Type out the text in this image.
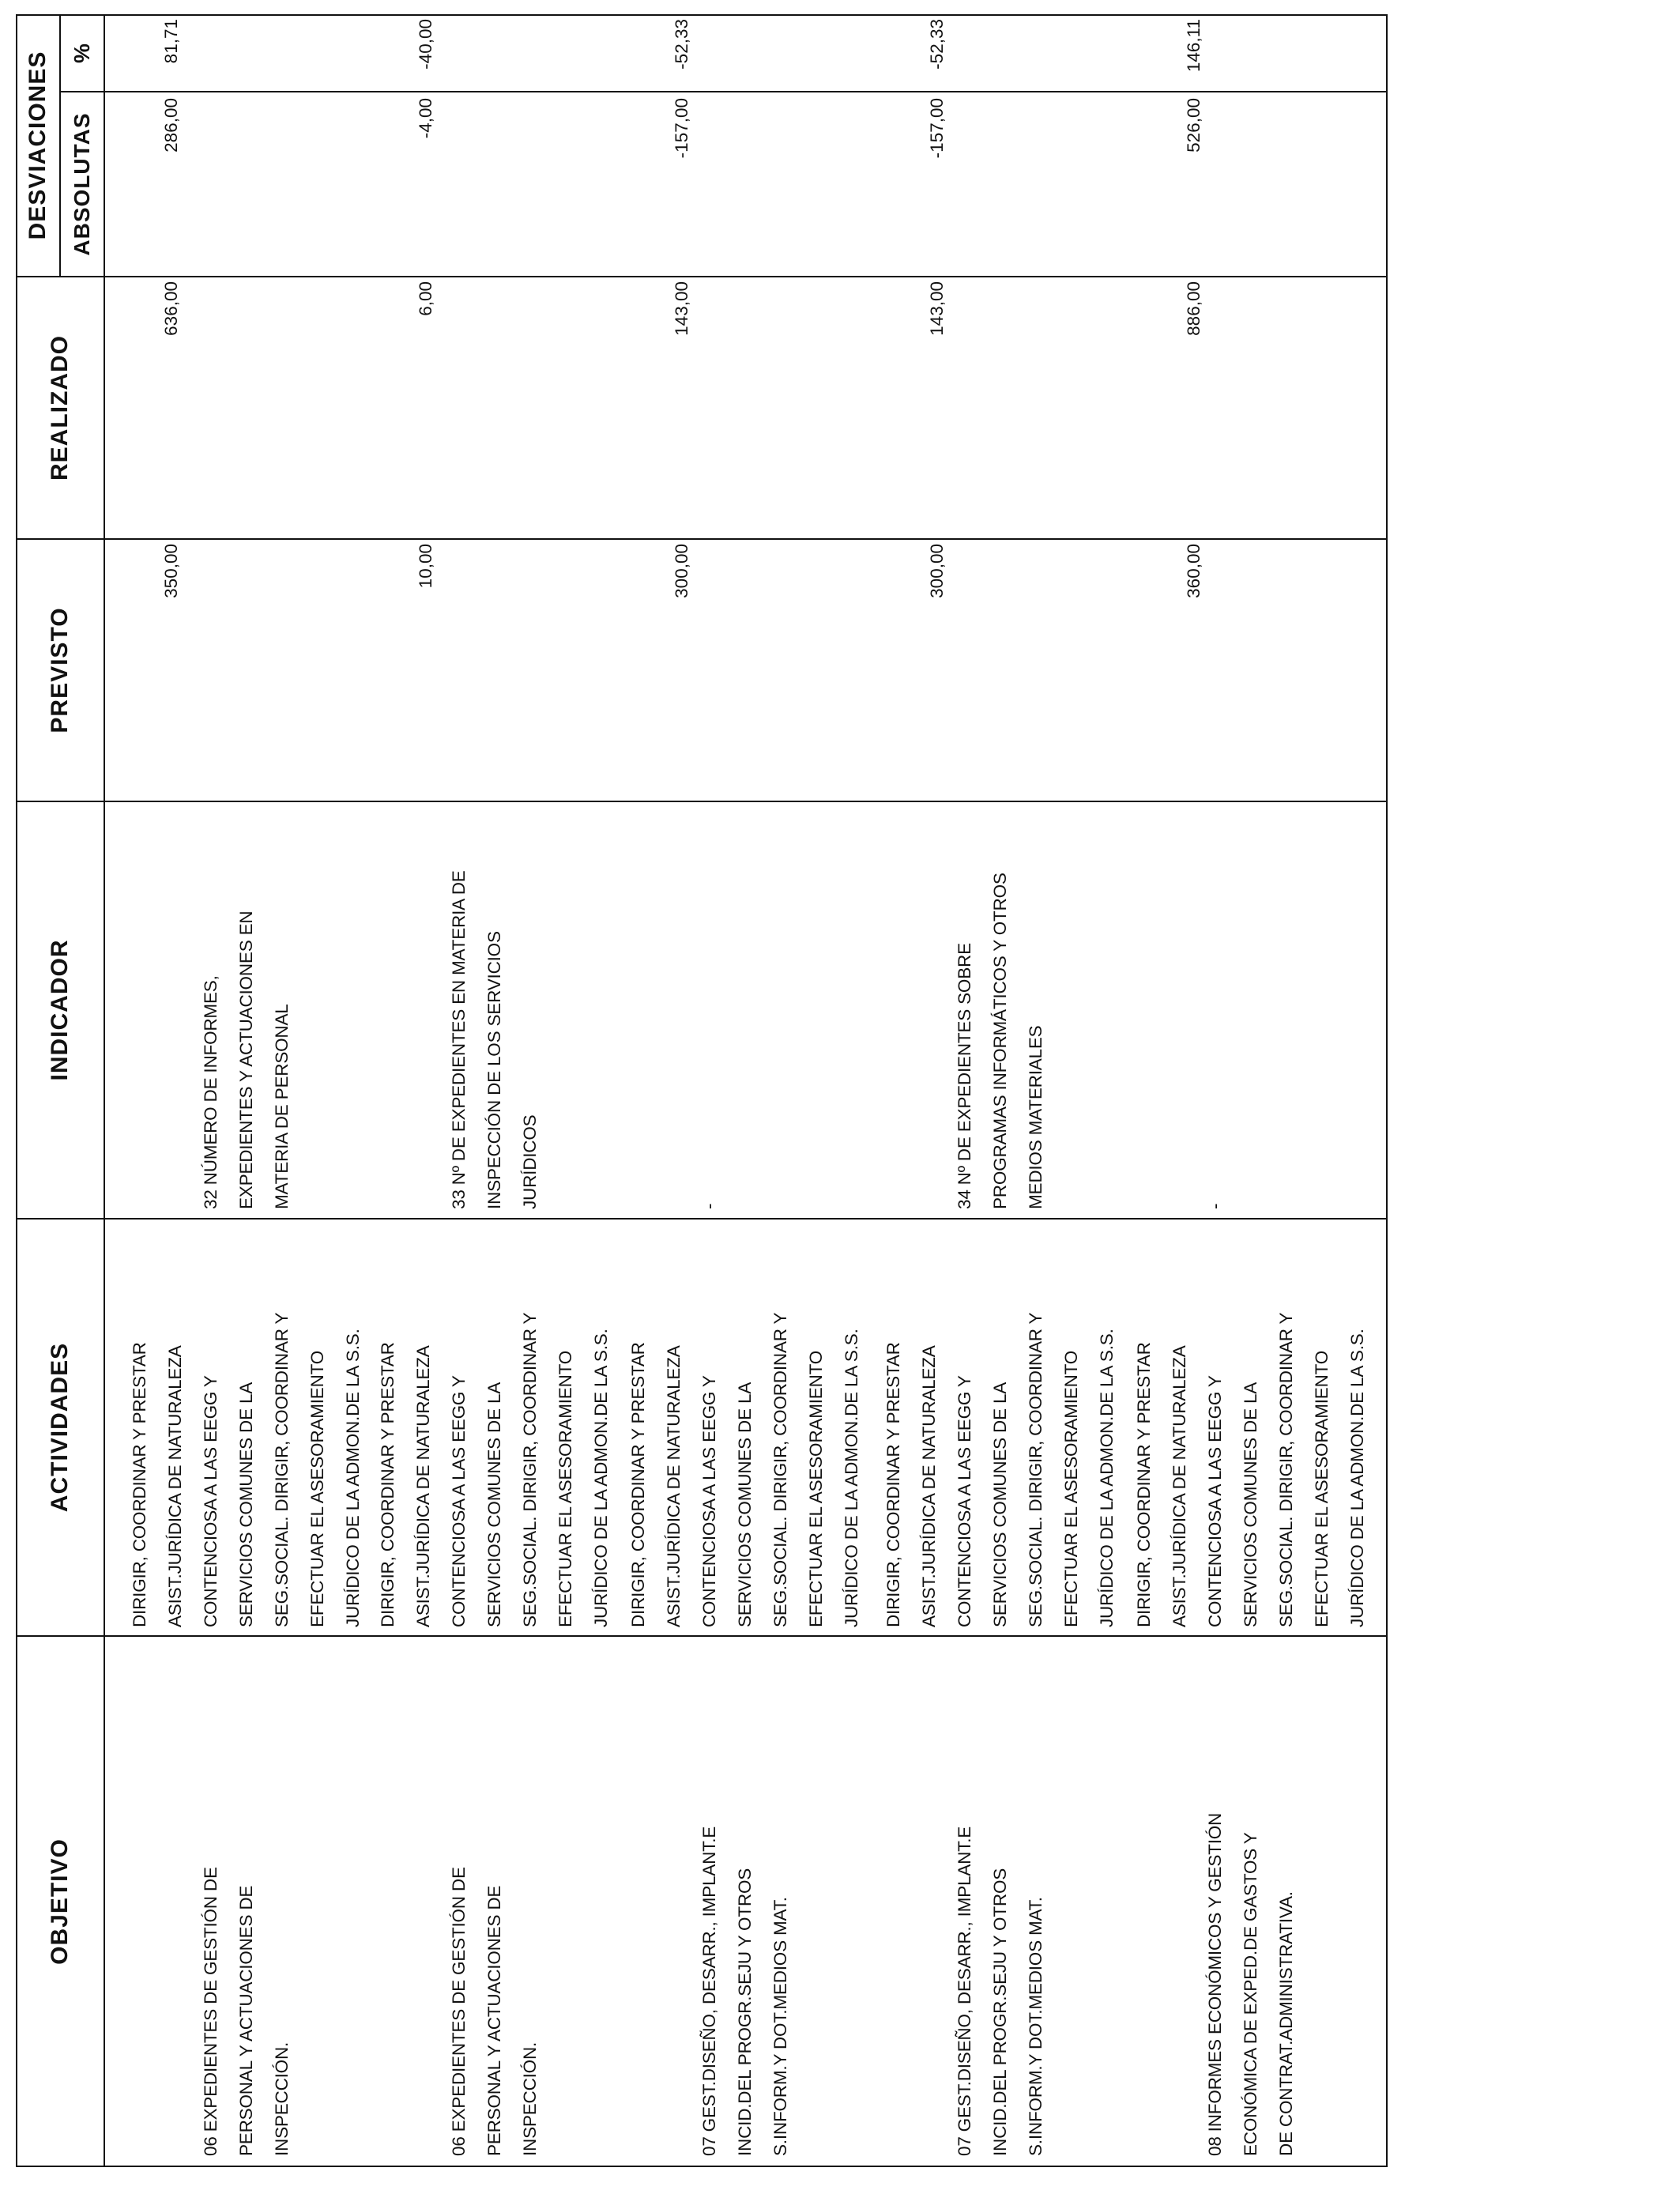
OBJETIVO
ACTIVIDADES
INDICADOR
PREVISTO
REALIZADO
DESVIACIONES ABSOLUTAS
%
06 EXPEDIENTES DE GESTIÓN DE
PERSONAL Y ACTUACIONES DE
INSPECCIÓN.
DIRIGIR, COORDINAR Y PRESTAR
ASIST.JURÍDICA DE NATURALEZA
CONTENCIOSA A LAS EEGG Y
SERVICIOS COMUNES DE LA
SEG.SOCIAL. DIRIGIR, COORDINAR Y
EFECTUAR EL ASESORAMIENTO
JURÍDICO DE LA ADMON.DE LA S.S.
32 NÚMERO DE INFORMES,
EXPEDIENTES Y ACTUACIONES EN
MATERIA DE PERSONAL
350,00
636,00
286,00
81,71
06 EXPEDIENTES DE GESTIÓN DE
PERSONAL Y ACTUACIONES DE
INSPECCIÓN.
DIRIGIR, COORDINAR Y PRESTAR
ASIST.JURÍDICA DE NATURALEZA
CONTENCIOSA A LAS EEGG Y
SERVICIOS COMUNES DE LA
SEG.SOCIAL. DIRIGIR, COORDINAR Y
EFECTUAR EL ASESORAMIENTO
JURÍDICO DE LA ADMON.DE LA S.S.
33 Nº DE EXPEDIENTES EN MATERIA DE
INSPECCIÓN DE LOS SERVICIOS
JURÍDICOS
10,00
6,00
-4,00
-40,00
07 GEST.DISEÑO, DESARR., IMPLANT.E
INCID.DEL PROGR.SEJU Y OTROS
S.INFORM.Y DOT.MEDIOS MAT.
DIRIGIR, COORDINAR Y PRESTAR
ASIST.JURÍDICA DE NATURALEZA
CONTENCIOSA A LAS EEGG Y
SERVICIOS COMUNES DE LA
SEG.SOCIAL. DIRIGIR, COORDINAR Y
EFECTUAR EL ASESORAMIENTO
JURÍDICO DE LA ADMON.DE LA S.S.
-
300,00
143,00
-157,00
-52,33
07 GEST.DISEÑO, DESARR., IMPLANT.E
INCID.DEL PROGR.SEJU Y OTROS
S.INFORM.Y DOT.MEDIOS MAT.
DIRIGIR, COORDINAR Y PRESTAR
ASIST.JURÍDICA DE NATURALEZA
CONTENCIOSA A LAS EEGG Y
SERVICIOS COMUNES DE LA
SEG.SOCIAL. DIRIGIR, COORDINAR Y
EFECTUAR EL ASESORAMIENTO
JURÍDICO DE LA ADMON.DE LA S.S.
34 Nº DE EXPEDIENTES SOBRE
PROGRAMAS INFORMÁTICOS Y OTROS
MEDIOS MATERIALES
300,00
143,00
-157,00
-52,33
08 INFORMES ECONÓMICOS Y GESTIÓN
ECONÓMICA DE EXPED.DE GASTOS Y
DE CONTRAT.ADMINISTRATIVA.
DIRIGIR, COORDINAR Y PRESTAR
ASIST.JURÍDICA DE NATURALEZA
CONTENCIOSA A LAS EEGG Y
SERVICIOS COMUNES DE LA
SEG.SOCIAL. DIRIGIR, COORDINAR Y
EFECTUAR EL ASESORAMIENTO
JURÍDICO DE LA ADMON.DE LA S.S.
-
360,00
886,00
526,00
146,11
